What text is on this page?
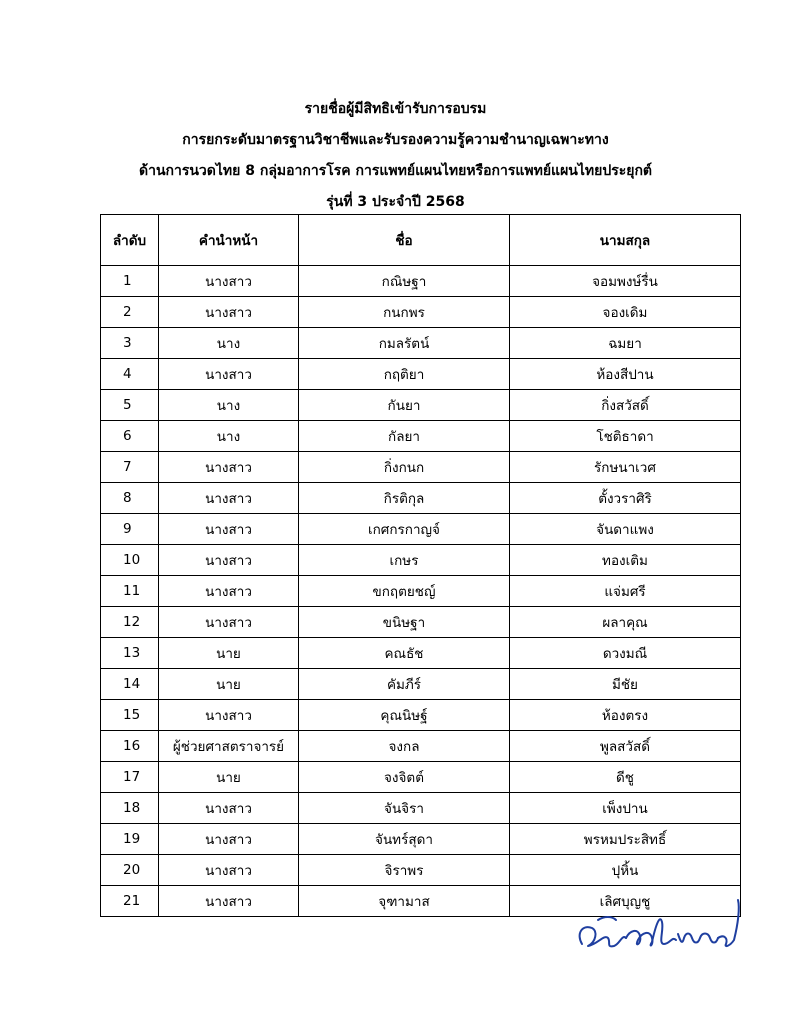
รายชื่อผู้มีสิทธิเข้ารับการอบรม
การยกระดับมาตรฐานวิชาชีพและรับรองความรู้ความชำนาญเฉพาะทาง
ด้านการนวดไทย 8 กลุ่มอาการโรค การแพทย์แผนไทยหรือการแพทย์แผนไทยประยุกต์
รุ่นที่ 3 ประจำปี 2568
ลำดับ	คำนำหน้า	ชื่อ	นามสกุล
1	นางสาว	กณิษฐา	จอมพงษ์รื่น
2	นางสาว	กนกพร	จองเดิม
3	นาง	กมลรัตน์	ฉมยา
4	นางสาว	กฤติยา	ห้องสีปาน
5	นาง	กันยา	กิ่งสวัสดิ์
6	นาง	กัลยา	โชติธาดา
7	นางสาว	กิ่งกนก	รักษนาเวศ
8	นางสาว	กิรติกุล	ตั้งวราศิริ
9	นางสาว	เกศกรกาญจ์	จันดาแพง
10	นางสาว	เกษร	ทองเติม
11	นางสาว	ขกฤตยชญ์	แจ่มศรี
12	นางสาว	ขนิษฐา	ผลาคุณ
13	นาย	คณธัช	ดวงมณี
14	นาย	คัมภีร์	มีชัย
15	นางสาว	คุณนิษฐ์	ห้องตรง
16	ผู้ช่วยศาสตราจารย์	จงกล	พูลสวัสดิ์
17	นาย	จงจิตต์	ดีชู
18	นางสาว	จันจิรา	เพ็งปาน
19	นางสาว	จันทร์สุดา	พรหมประสิทธิ์
20	นางสาว	จิราพร	ปุหิ้น
21	นางสาว	จุฑามาส	เลิศบุญชู
